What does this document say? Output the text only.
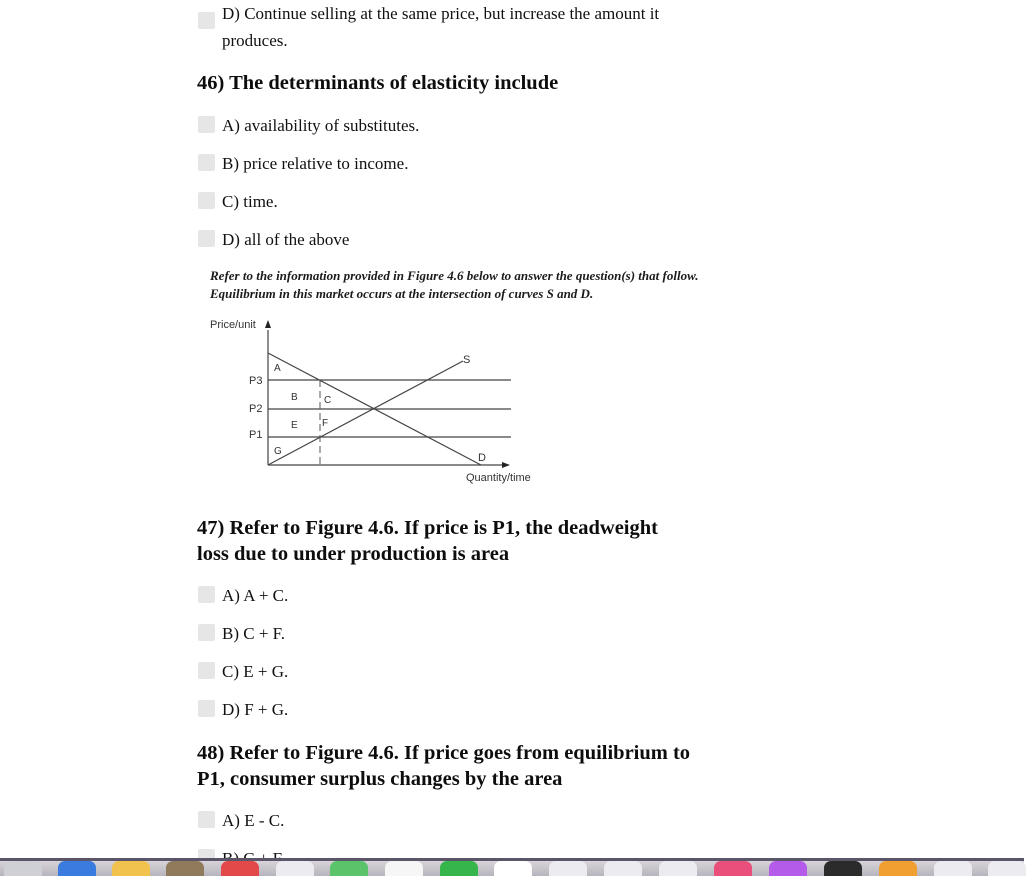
D) Continue selling at the same price, but increase the amount it
produces.
46) The determinants of elasticity include
A) availability of substitutes.
B) price relative to income.
C) time.
D) all of the above
Refer to the information provided in Figure 4.6 below to answer the question(s) that follow.
Equilibrium in this market occurs at the intersection of curves S and D.
Price/unit
Quantity/time
P3
P2
P1
D
S
A
B	C
E F
G
47) Refer to Figure 4.6. If price is P1, the deadweight
loss due to under production is area
A) A + C.
B) C + F.
C) E + G.
D) F + G.
48) Refer to Figure 4.6. If price goes from equilibrium to
P1, consumer surplus changes by the area
A) E - C.
